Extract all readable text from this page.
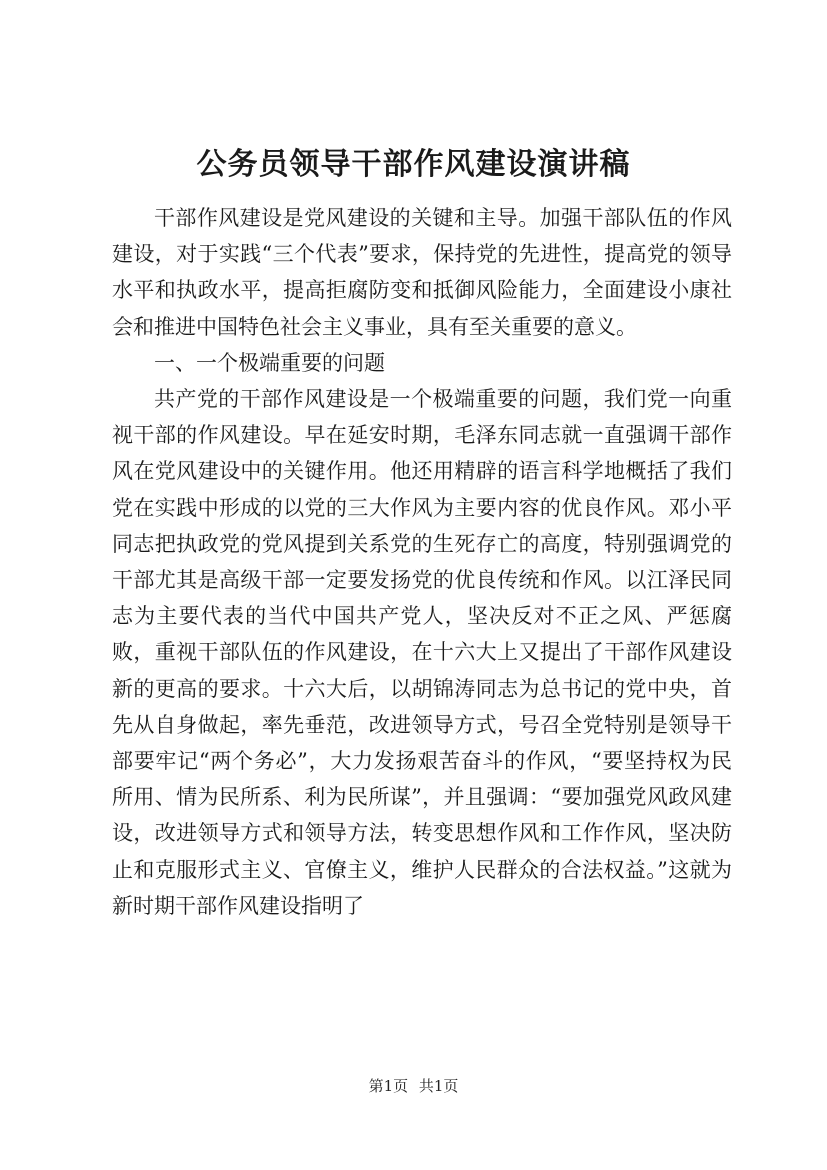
公务员领导干部作风建设演讲稿

干部作风建设是党风建设的关键和主导。加强干部队伍的作风建设，对于实践“三个代表”要求，保持党的先进性，提高党的领导水平和执政水平，提高拒腐防变和抵御风险能力，全面建设小康社会和推进中国特色社会主义事业，具有至关重要的意义。

一、一个极端重要的问题

共产党的干部作风建设是一个极端重要的问题，我们党一向重视干部的作风建设。早在延安时期，毛泽东同志就一直强调干部作风在党风建设中的关键作用。他还用精辟的语言科学地概括了我们党在实践中形成的以党的三大作风为主要内容的优良作风。邓小平同志把执政党的党风提到关系党的生死存亡的高度，特别强调党的干部尤其是高级干部一定要发扬党的优良传统和作风。以江泽民同志为主要代表的当代中国共产党人，坚决反对不正之风、严惩腐败，重视干部队伍的作风建设，在十六大上又提出了干部作风建设新的更高的要求。十六大后，以胡锦涛同志为总书记的党中央，首先从自身做起，率先垂范，改进领导方式，号召全党特别是领导干部要牢记“两个务必”，大力发扬艰苦奋斗的作风，“要坚持权为民所用、情为民所系、利为民所谋”，并且强调：“要加强党风政风建设，改进领导方式和领导方法，转变思想作风和工作作风，坚决防止和克服形式主义、官僚主义，维护人民群众的合法权益。”这就为新时期干部作风建设指明了

第1页 共1页
